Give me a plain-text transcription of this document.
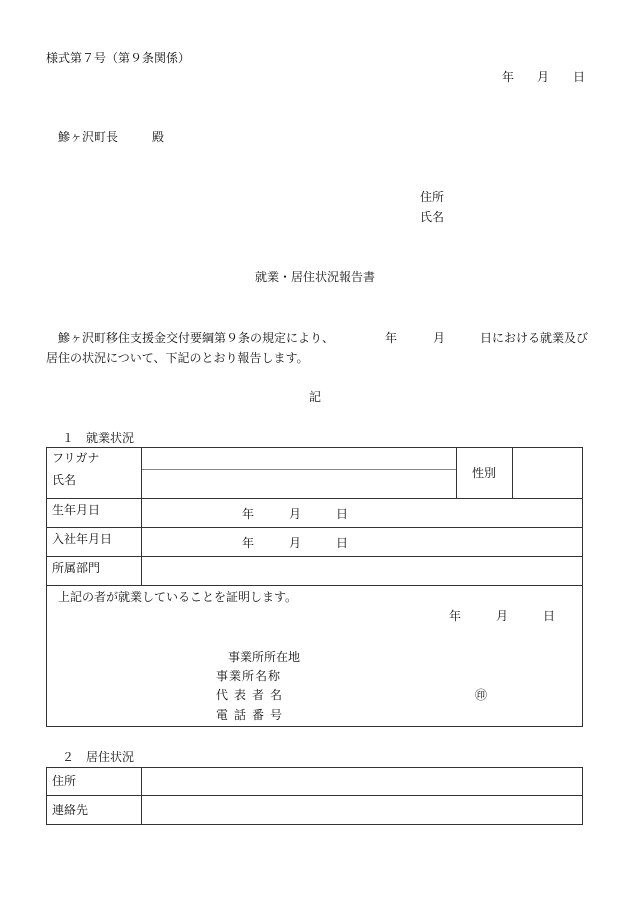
様式第７号（第９条関係）
年 月 日
鰺ヶ沢町長	殿
住所
氏名
就業・居住状況報告書
鰺ヶ沢町移住支援金交付要綱第９条の規定により、	年	月	日における就業及び
居住の状況について、下記のとおり報告します。
記
１　就業状況
フリガナ
氏名	性別
生年月日	年	月	日
入社年月日	年	月	日
所属部門
上記の者が就業していることを証明します。
年	月	日
事業所所在地
事業所名称
代表者名	㊞
電話番号
２　居住状況
住所
連絡先
